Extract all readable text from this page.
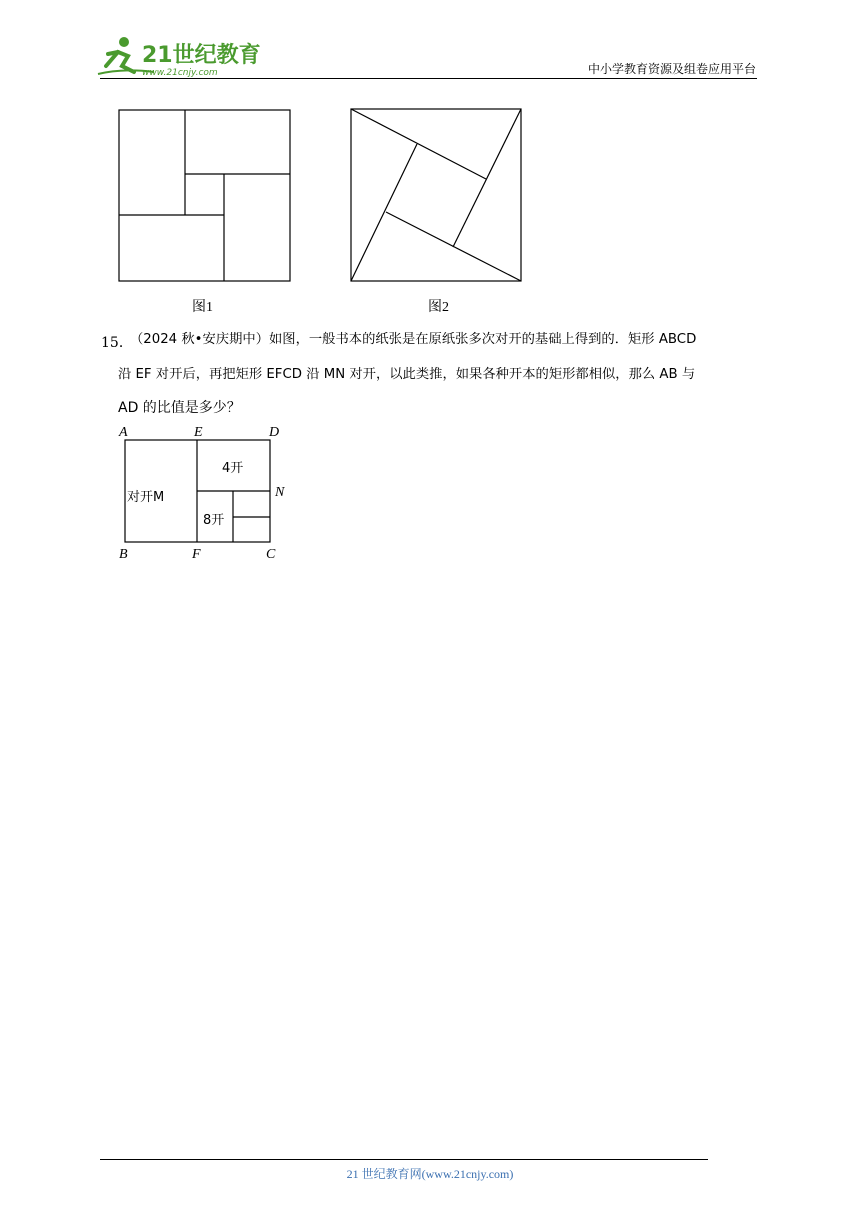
21世纪教育
www.21cnjy.com	中小学教育资源及组卷应用平台
图1	图2
15．
（2024 秋•安庆期中）如图，一般书本的纸张是在原纸张多次对开的基础上得到的．矩形 ABCD
沿 EF 对开后，再把矩形 EFCD 沿 MN 对开，以此类推，如果各种开本的矩形都相似，那么 AB 与
AD 的比值是多少？
A	E	D
N
B	F	C
对开M
4开
8开
21 世纪教育网(www.21cnjy.com)
